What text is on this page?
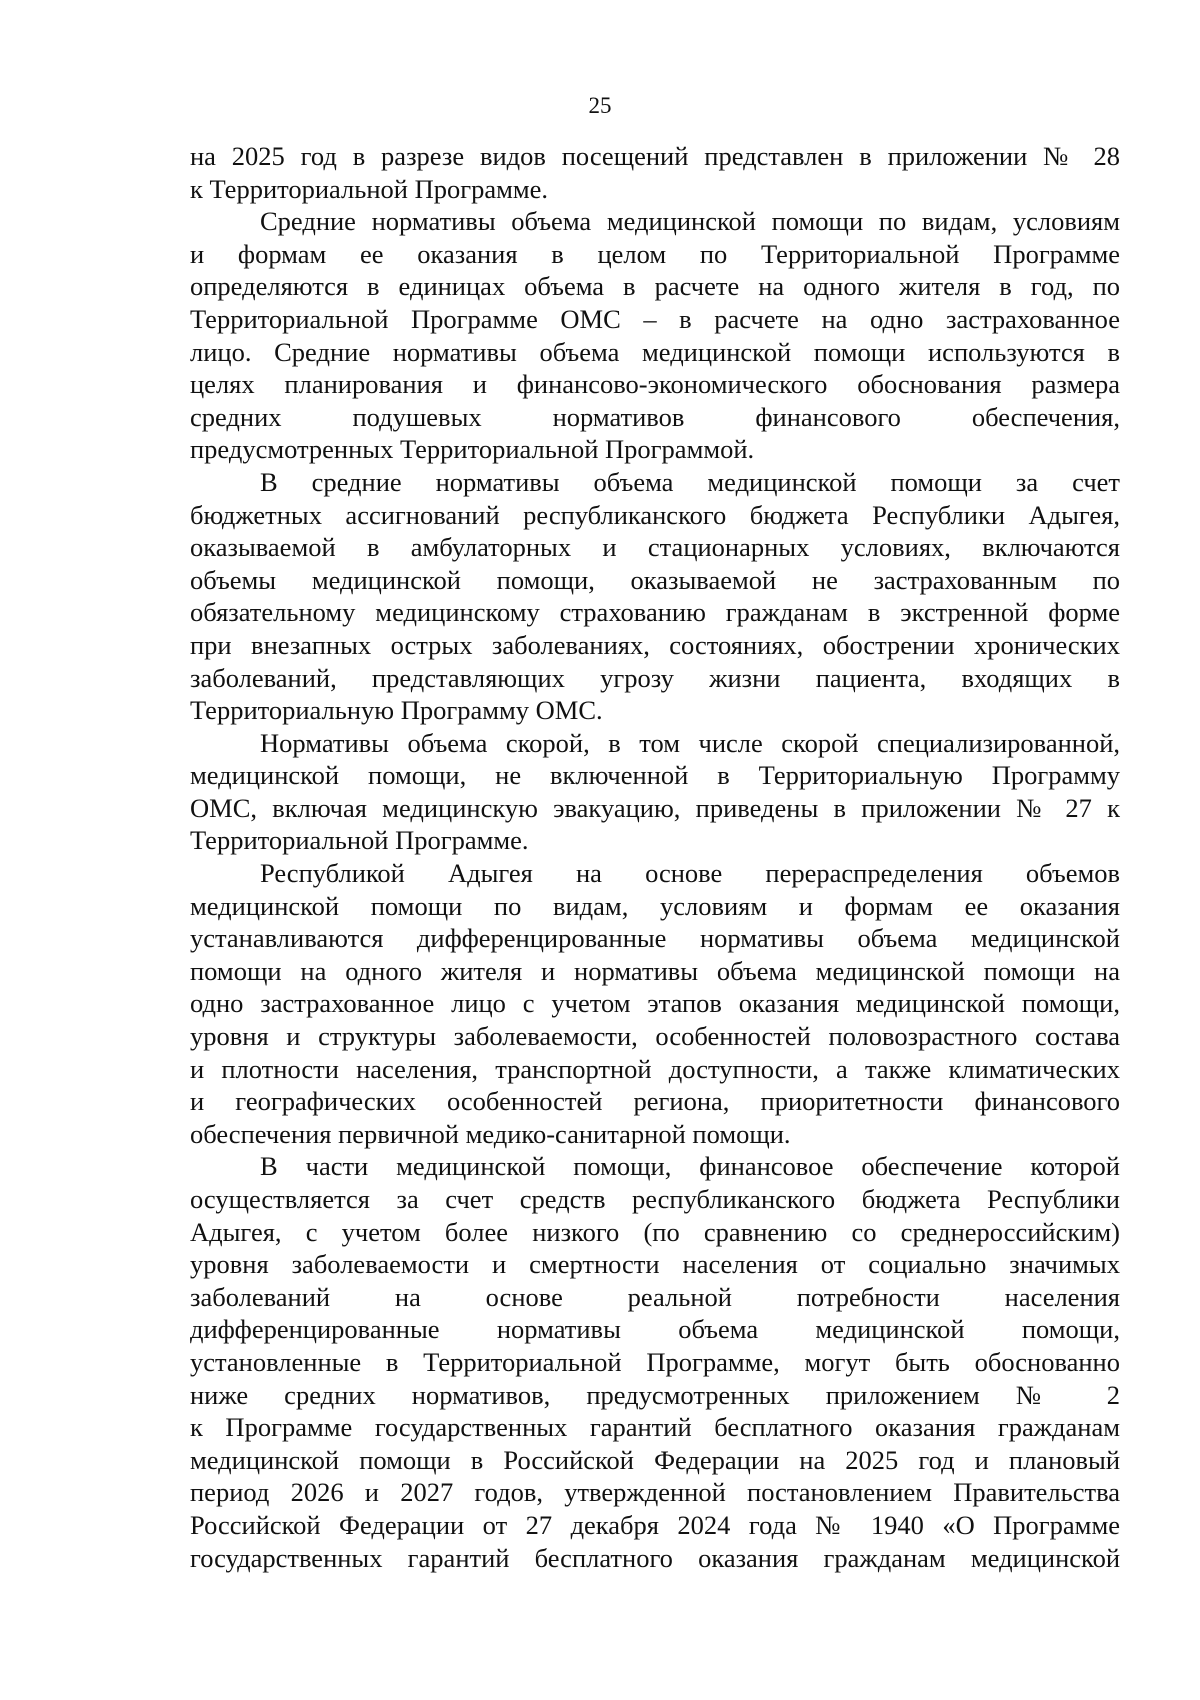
25
на 2025 год в разрезе видов посещений представлен в приложении № 28
к Территориальной Программе.
Средние нормативы объема медицинской помощи по видам, условиям
и формам ее оказания в целом по Территориальной Программе
определяются в единицах объема в расчете на одного жителя в год, по
Территориальной Программе ОМС – в расчете на одно застрахованное
лицо. Средние нормативы объема медицинской помощи используются в
целях планирования и финансово-экономического обоснования размера
средних подушевых нормативов финансового обеспечения,
предусмотренных Территориальной Программой.
В средние нормативы объема медицинской помощи за счет
бюджетных ассигнований республиканского бюджета Республики Адыгея,
оказываемой в амбулаторных и стационарных условиях, включаются
объемы медицинской помощи, оказываемой не застрахованным по
обязательному медицинскому страхованию гражданам в экстренной форме
при внезапных острых заболеваниях, состояниях, обострении хронических
заболеваний, представляющих угрозу жизни пациента, входящих в
Территориальную Программу ОМС.
Нормативы объема скорой, в том числе скорой специализированной,
медицинской помощи, не включенной в Территориальную Программу
ОМС, включая медицинскую эвакуацию, приведены в приложении № 27 к
Территориальной Программе.
Республикой Адыгея на основе перераспределения объемов
медицинской помощи по видам, условиям и формам ее оказания
устанавливаются дифференцированные нормативы объема медицинской
помощи на одного жителя и нормативы объема медицинской помощи на
одно застрахованное лицо с учетом этапов оказания медицинской помощи,
уровня и структуры заболеваемости, особенностей половозрастного состава
и плотности населения, транспортной доступности, а также климатических
и географических особенностей региона, приоритетности финансового
обеспечения первичной медико-санитарной помощи.
В части медицинской помощи, финансовое обеспечение которой
осуществляется за счет средств республиканского бюджета Республики
Адыгея, с учетом более низкого (по сравнению со среднероссийским)
уровня заболеваемости и смертности населения от социально значимых
заболеваний на основе реальной потребности населения
дифференцированные нормативы объема медицинской помощи,
установленные в Территориальной Программе, могут быть обоснованно
ниже средних нормативов, предусмотренных приложением № 2
к Программе государственных гарантий бесплатного оказания гражданам
медицинской помощи в Российской Федерации на 2025 год и плановый
период 2026 и 2027 годов, утвержденной постановлением Правительства
Российской Федерации от 27 декабря 2024 года № 1940 «О Программе
государственных гарантий бесплатного оказания гражданам медицинской
